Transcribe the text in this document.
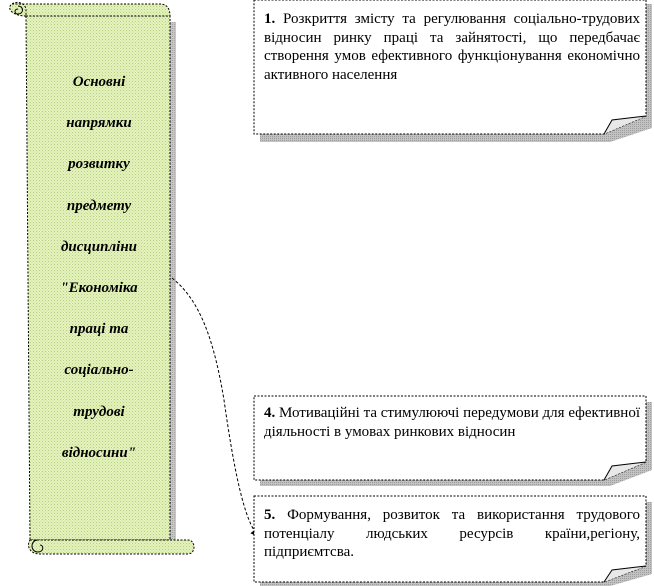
Основні
напрямки
розвитку
предмету
дисципліни
"Економіка
праці та
соціально-
трудові
відносини"
1. Розкриття змісту та регулювання соціально-трудових відносин ринку праці та зайнятості, що передбачає створення умов ефективного функціонування економічно активного населення
4. Мотиваційні та стимулюючі передумови для ефективної діяльності в умовах ринкових відносин
5. Формування, розвиток та використання трудового потенціалу людських ресурсів країни,регіону, підприємтсва.
